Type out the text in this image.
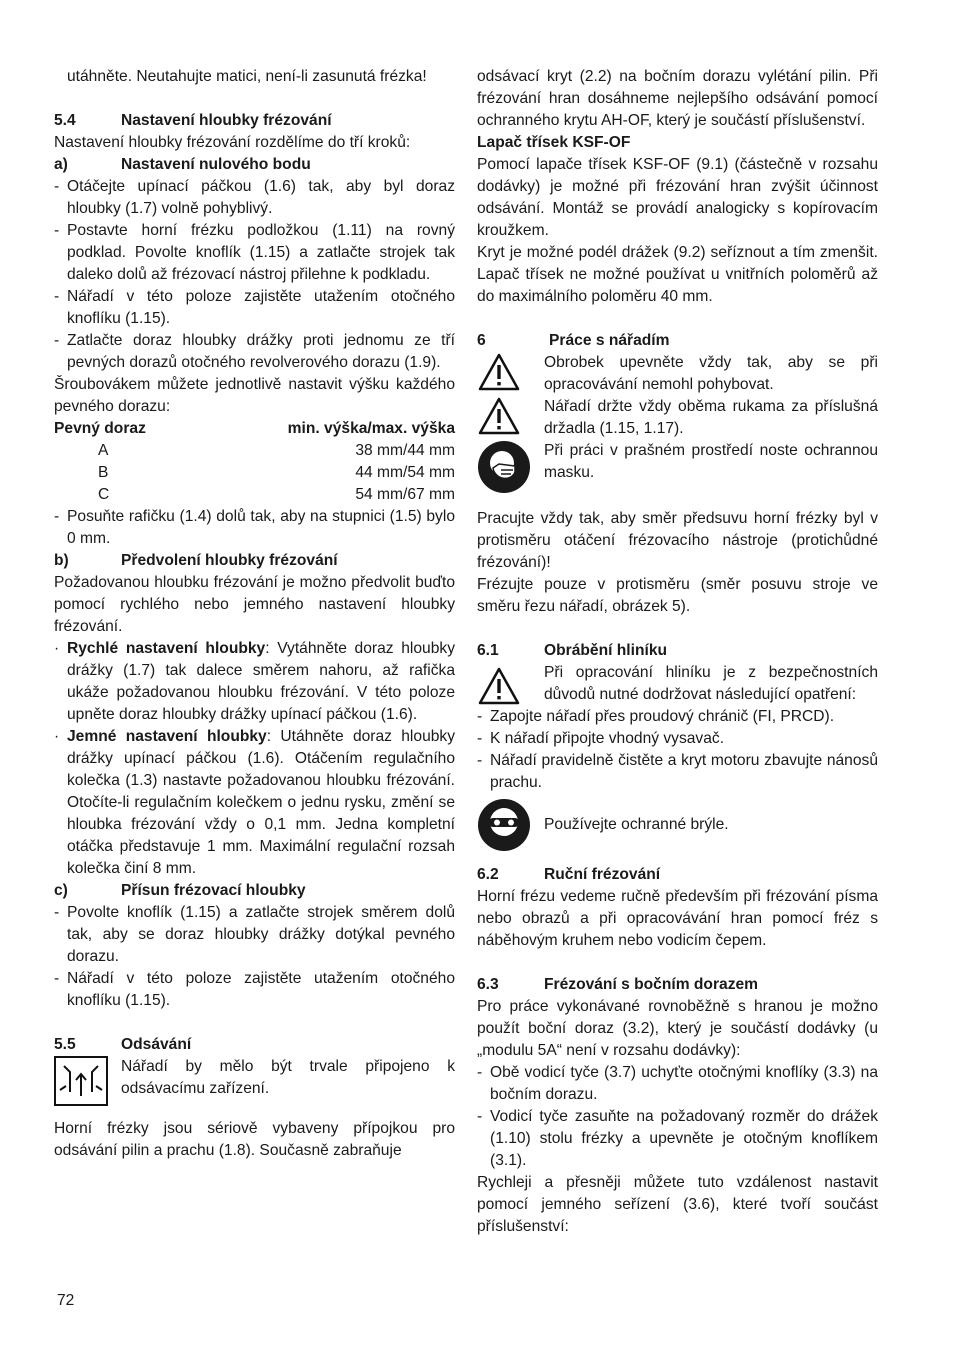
utáhněte. Neutahujte matici, není-li zasunutá frézka!

5.4	Nastavení hloubky frézování

Nastavení hloubky frézování rozdělíme do tří kroků:

a)	Nastavení nulového bodu
- Otáčejte upínací páčkou (1.6) tak, aby byl doraz hloubky (1.7) volně pohyblivý.
- Postavte horní frézku podložkou (1.11) na rovný podklad. Povolte knoflík (1.15) a zatlačte strojek tak daleko dolů až frézovací nástroj přilehne k podkladu.
- Nářadí v této poloze zajistěte utažením otočného knoflíku (1.15).
- Zatlačte doraz hloubky drážky proti jednomu ze tří pevných dorazů otočného revolverového dorazu (1.9).

Šroubovákem můžete jednotlivě nastavit výšku každého pevného dorazu:

Pevný doraz	min. výška/max. výška
A	38 mm/44 mm
B	44 mm/54 mm
C	54 mm/67 mm
- Posuňte rafičku (1.4) dolů tak, aby na stupnici (1.5) bylo 0 mm.
b)	Předvolení hloubky frézování

Požadovanou hloubku frézování je možno předvolit buďto pomocí rychlého nebo jemného nastavení hloubky frézování.

· Rychlé nastavení hloubky: Vytáhněte doraz hloubky drážky (1.7) tak dalece směrem nahoru, až rafička ukáže požadovanou hloubku frézování. V této poloze upněte doraz hloubky drážky upínací páčkou (1.6).
· Jemné nastavení hloubky: Utáhněte doraz hloubky drážky upínací páčkou (1.6). Otáčením regulačního kolečka (1.3) nastavte požadovanou hloubku frézování. Otočíte-li regulačním kolečkem o jednu rysku, změní se hloubka frézování vždy o 0,1 mm. Jedna kompletní otáčka představuje 1 mm. Maximální regulační rozsah kolečka činí 8 mm.
c)	Přísun frézovací hloubky
- Povolte knoflík (1.15) a zatlačte strojek směrem dolů tak, aby se doraz hloubky drážky dotýkal pevného dorazu.
- Nářadí v této poloze zajistěte utažením otočného knoflíku (1.15).
5.5	Odsávání
Nářadí by mělo být trvale připojeno k odsávacímu zařízení.

Horní frézky jsou sériově vybaveny přípojkou pro odsávání pilin a prachu (1.8). Současně zabraňuje

odsávací kryt (2.2) na bočním dorazu vylétání pilin. Při frézování hran dosáhneme nejlepšího odsávání pomocí ochranného krytu AH-OF, který je součástí příslušenství.

Lapač třísek KSF-OF

Pomocí lapače třísek KSF-OF (9.1) (částečně v rozsahu dodávky) je možné při frézování hran zvýšit účinnost odsávání. Montáž se provádí analogicky s kopírovacím kroužkem.

Kryt je možné podél drážek (9.2) seříznout a tím zmenšit. Lapač třísek ne možné používat u vnitřních poloměrů až do maximálního poloměru 40 mm.

6	Práce s nářadím
Obrobek upevněte vždy tak, aby se při opracovávání nemohl pohybovat.
Nářadí držte vždy oběma rukama za příslušná držadla (1.15, 1.17).
Při práci v prašném prostředí noste ochrannou masku.

Pracujte vždy tak, aby směr předsuvu horní frézky byl v protisměru otáčení frézovacího nástroje (protichůdné frézování)!

Frézujte pouze v protisměru (směr posuvu stroje ve směru řezu nářadí, obrázek 5).

6.1	Obrábění hliníku
Při opracování hliníku je z bezpečnostních důvodů nutné dodržovat následující opatření:
- Zapojte nářadí přes proudový chránič (FI, PRCD).
- K nářadí připojte vhodný vysavač.
- Nářadí pravidelně čistěte a kryt motoru zbavujte nánosů prachu.
Používejte ochranné brýle.
6.2	Ruční frézování

Horní frézu vedeme ručně především při frézování písma nebo obrazů a při opracovávání hran pomocí fréz s náběhovým kruhem nebo vodicím čepem.

6.3	Frézování s bočním dorazem

Pro práce vykonávané rovnoběžně s hranou je možno použít boční doraz (3.2), který je součástí dodávky (u „modulu 5A“ není v rozsahu dodávky):

- Obě vodicí tyče (3.7) uchyťte otočnými knoflíky (3.3) na bočním dorazu.
- Vodicí tyče zasuňte na požadovaný rozměr do drážek (1.10) stolu frézky a upevněte je otočným knoflíkem (3.1).

Rychleji a přesněji můžete tuto vzdálenost nastavit pomocí jemného seřízení (3.6), které tvoří součást příslušenství:

72
